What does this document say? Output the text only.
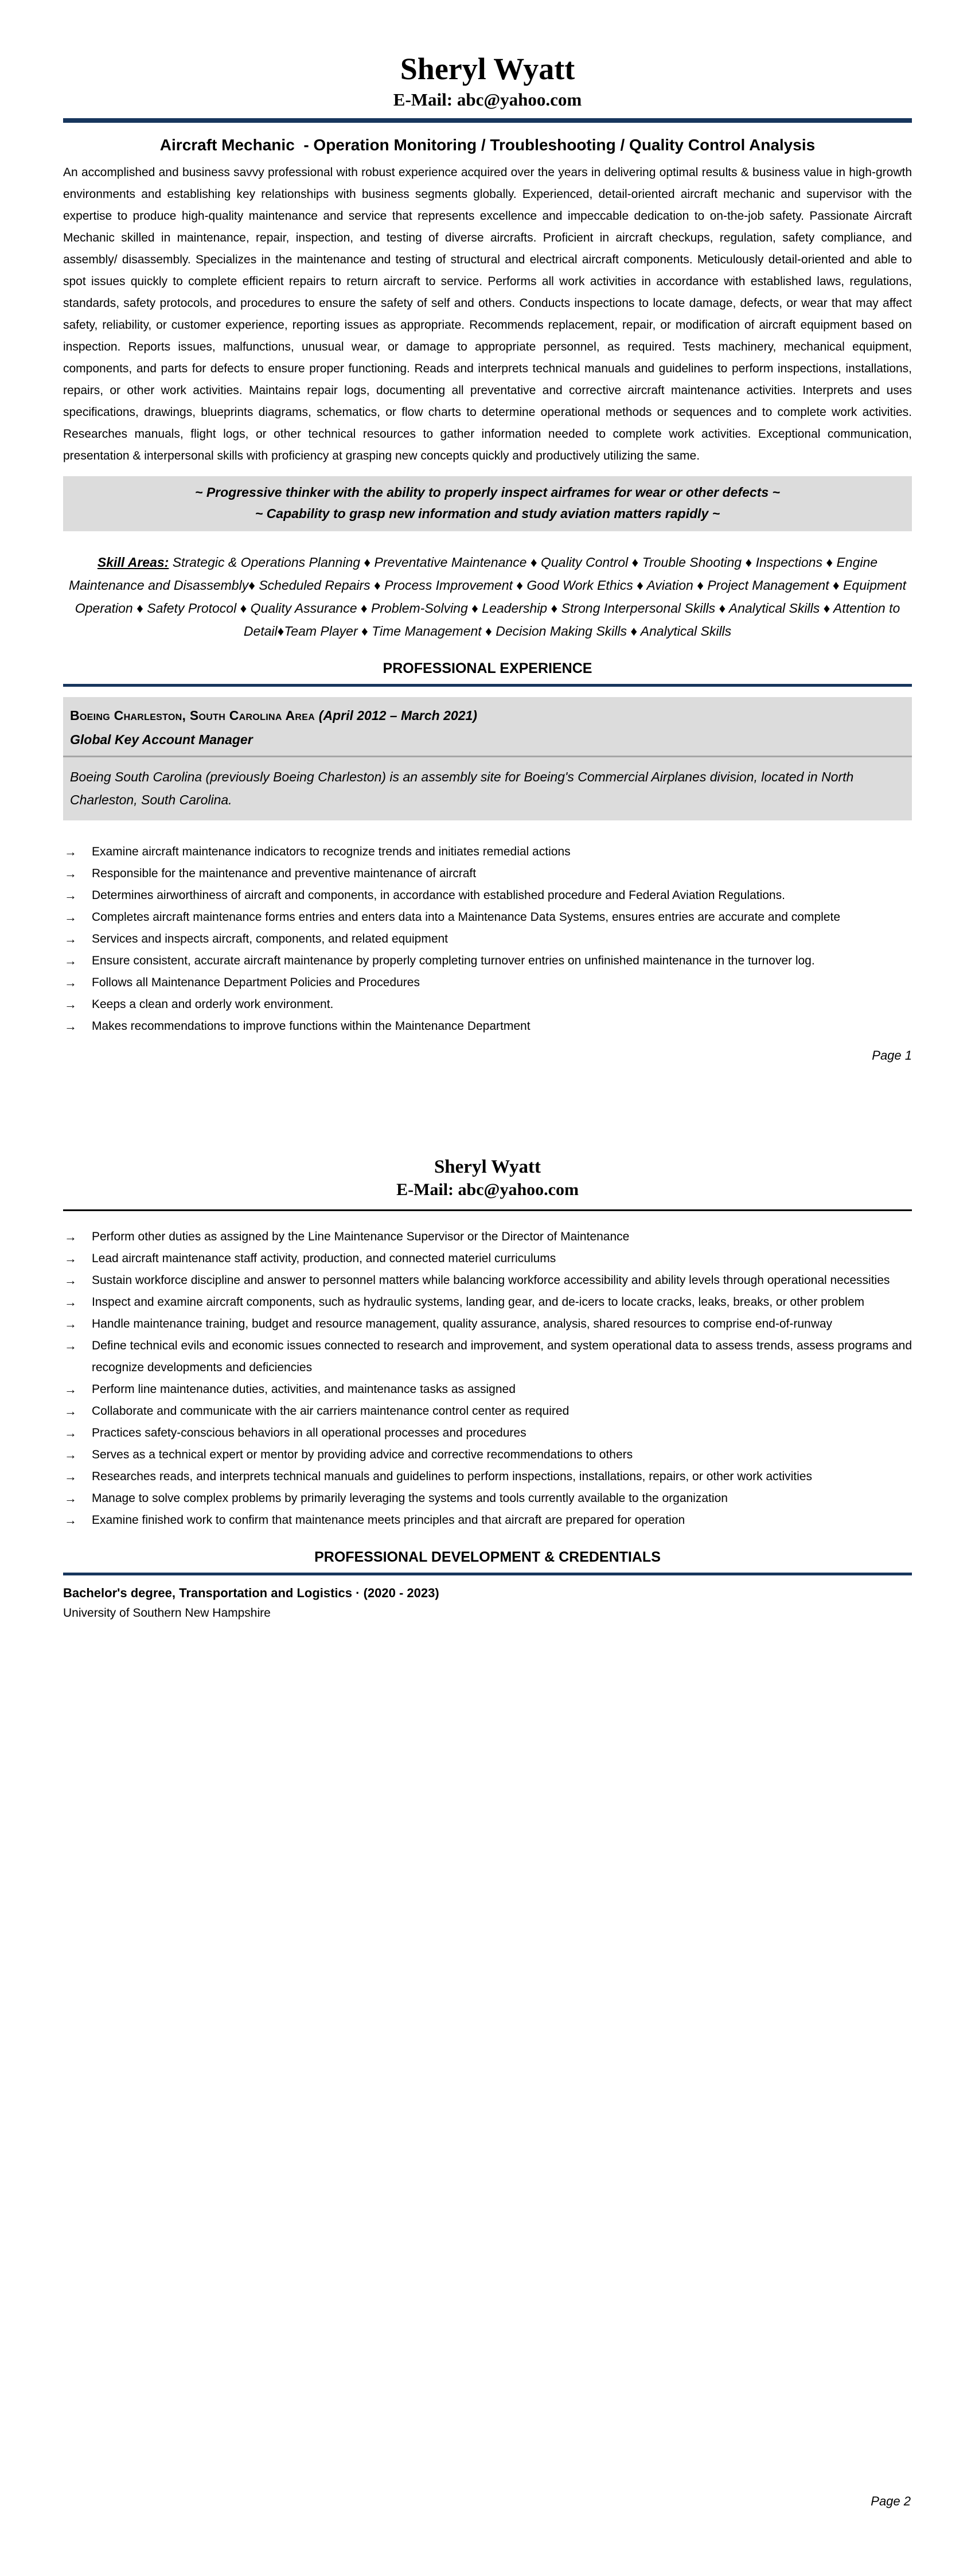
Sheryl Wyatt
E-Mail: abc@yahoo.com
Aircraft Mechanic  - Operation Monitoring / Troubleshooting / Quality Control Analysis
An accomplished and business savvy professional with robust experience acquired over the years in delivering optimal results & business value in high-growth environments and establishing key relationships with business segments globally. Experienced, detail-oriented aircraft mechanic and supervisor with the expertise to produce high-quality maintenance and service that represents excellence and impeccable dedication to on-the-job safety. Passionate Aircraft Mechanic skilled in maintenance, repair, inspection, and testing of diverse aircrafts. Proficient in aircraft checkups, regulation, safety compliance, and assembly/ disassembly. Specializes in the maintenance and testing of structural and electrical aircraft components. Meticulously detail-oriented and able to spot issues quickly to complete efficient repairs to return aircraft to service. Performs all work activities in accordance with established laws, regulations, standards, safety protocols, and procedures to ensure the safety of self and others. Conducts inspections to locate damage, defects, or wear that may affect safety, reliability, or customer experience, reporting issues as appropriate. Recommends replacement, repair, or modification of aircraft equipment based on inspection. Reports issues, malfunctions, unusual wear, or damage to appropriate personnel, as required. Tests machinery, mechanical equipment, components, and parts for defects to ensure proper functioning. Reads and interprets technical manuals and guidelines to perform inspections, installations, repairs, or other work activities. Maintains repair logs, documenting all preventative and corrective aircraft maintenance activities. Interprets and uses specifications, drawings, blueprints diagrams, schematics, or flow charts to determine operational methods or sequences and to complete work activities. Researches manuals, flight logs, or other technical resources to gather information needed to complete work activities. Exceptional communication, presentation & interpersonal skills with proficiency at grasping new concepts quickly and productively utilizing the same.
~ Progressive thinker with the ability to properly inspect airframes for wear or other defects ~
~ Capability to grasp new information and study aviation matters rapidly ~
Skill Areas: Strategic & Operations Planning ♦ Preventative Maintenance ♦ Quality Control ♦ Trouble Shooting ♦ Inspections ♦ Engine Maintenance and Disassembly♦ Scheduled Repairs ♦ Process Improvement ♦ Good Work Ethics ♦ Aviation ♦ Project Management ♦ Equipment Operation ♦ Safety Protocol ♦ Quality Assurance ♦ Problem-Solving ♦ Leadership ♦ Strong Interpersonal Skills ♦ Analytical Skills ♦ Attention to Detail♦Team Player ♦ Time Management ♦ Decision Making Skills ♦ Analytical Skills
PROFESSIONAL EXPERIENCE
Boeing Charleston, South Carolina Area (April 2012 – March 2021)
Global Key Account Manager
Boeing South Carolina (previously Boeing Charleston) is an assembly site for Boeing's Commercial Airplanes division, located in North Charleston, South Carolina.
→ Examine aircraft maintenance indicators to recognize trends and initiates remedial actions
→ Responsible for the maintenance and preventive maintenance of aircraft
→ Determines airworthiness of aircraft and components, in accordance with established procedure and Federal Aviation Regulations.
→ Completes aircraft maintenance forms entries and enters data into a Maintenance Data Systems, ensures entries are accurate and complete
→ Services and inspects aircraft, components, and related equipment
→ Ensure consistent, accurate aircraft maintenance by properly completing turnover entries on unfinished maintenance in the turnover log.
→ Follows all Maintenance Department Policies and Procedures
→ Keeps a clean and orderly work environment.
→ Makes recommendations to improve functions within the Maintenance Department
Page 1
Sheryl Wyatt
E-Mail: abc@yahoo.com
→ Perform other duties as assigned by the Line Maintenance Supervisor or the Director of Maintenance
→ Lead aircraft maintenance staff activity, production, and connected materiel curriculums
→ Sustain workforce discipline and answer to personnel matters while balancing workforce accessibility and ability levels through operational necessities
→ Inspect and examine aircraft components, such as hydraulic systems, landing gear, and de-icers to locate cracks, leaks, breaks, or other problem
→ Handle maintenance training, budget and resource management, quality assurance, analysis, shared resources to comprise end-of-runway
→ Define technical evils and economic issues connected to research and improvement, and system operational data to assess trends, assess programs and recognize developments and deficiencies
→ Perform line maintenance duties, activities, and maintenance tasks as assigned
→ Collaborate and communicate with the air carriers maintenance control center as required
→ Practices safety-conscious behaviors in all operational processes and procedures
→ Serves as a technical expert or mentor by providing advice and corrective recommendations to others
→ Researches reads, and interprets technical manuals and guidelines to perform inspections, installations, repairs, or other work activities
→ Manage to solve complex problems by primarily leveraging the systems and tools currently available to the organization
→ Examine finished work to confirm that maintenance meets principles and that aircraft are prepared for operation
PROFESSIONAL DEVELOPMENT & CREDENTIALS
Bachelor's degree, Transportation and Logistics · (2020 - 2023)
University of Southern New Hampshire
Page 2
